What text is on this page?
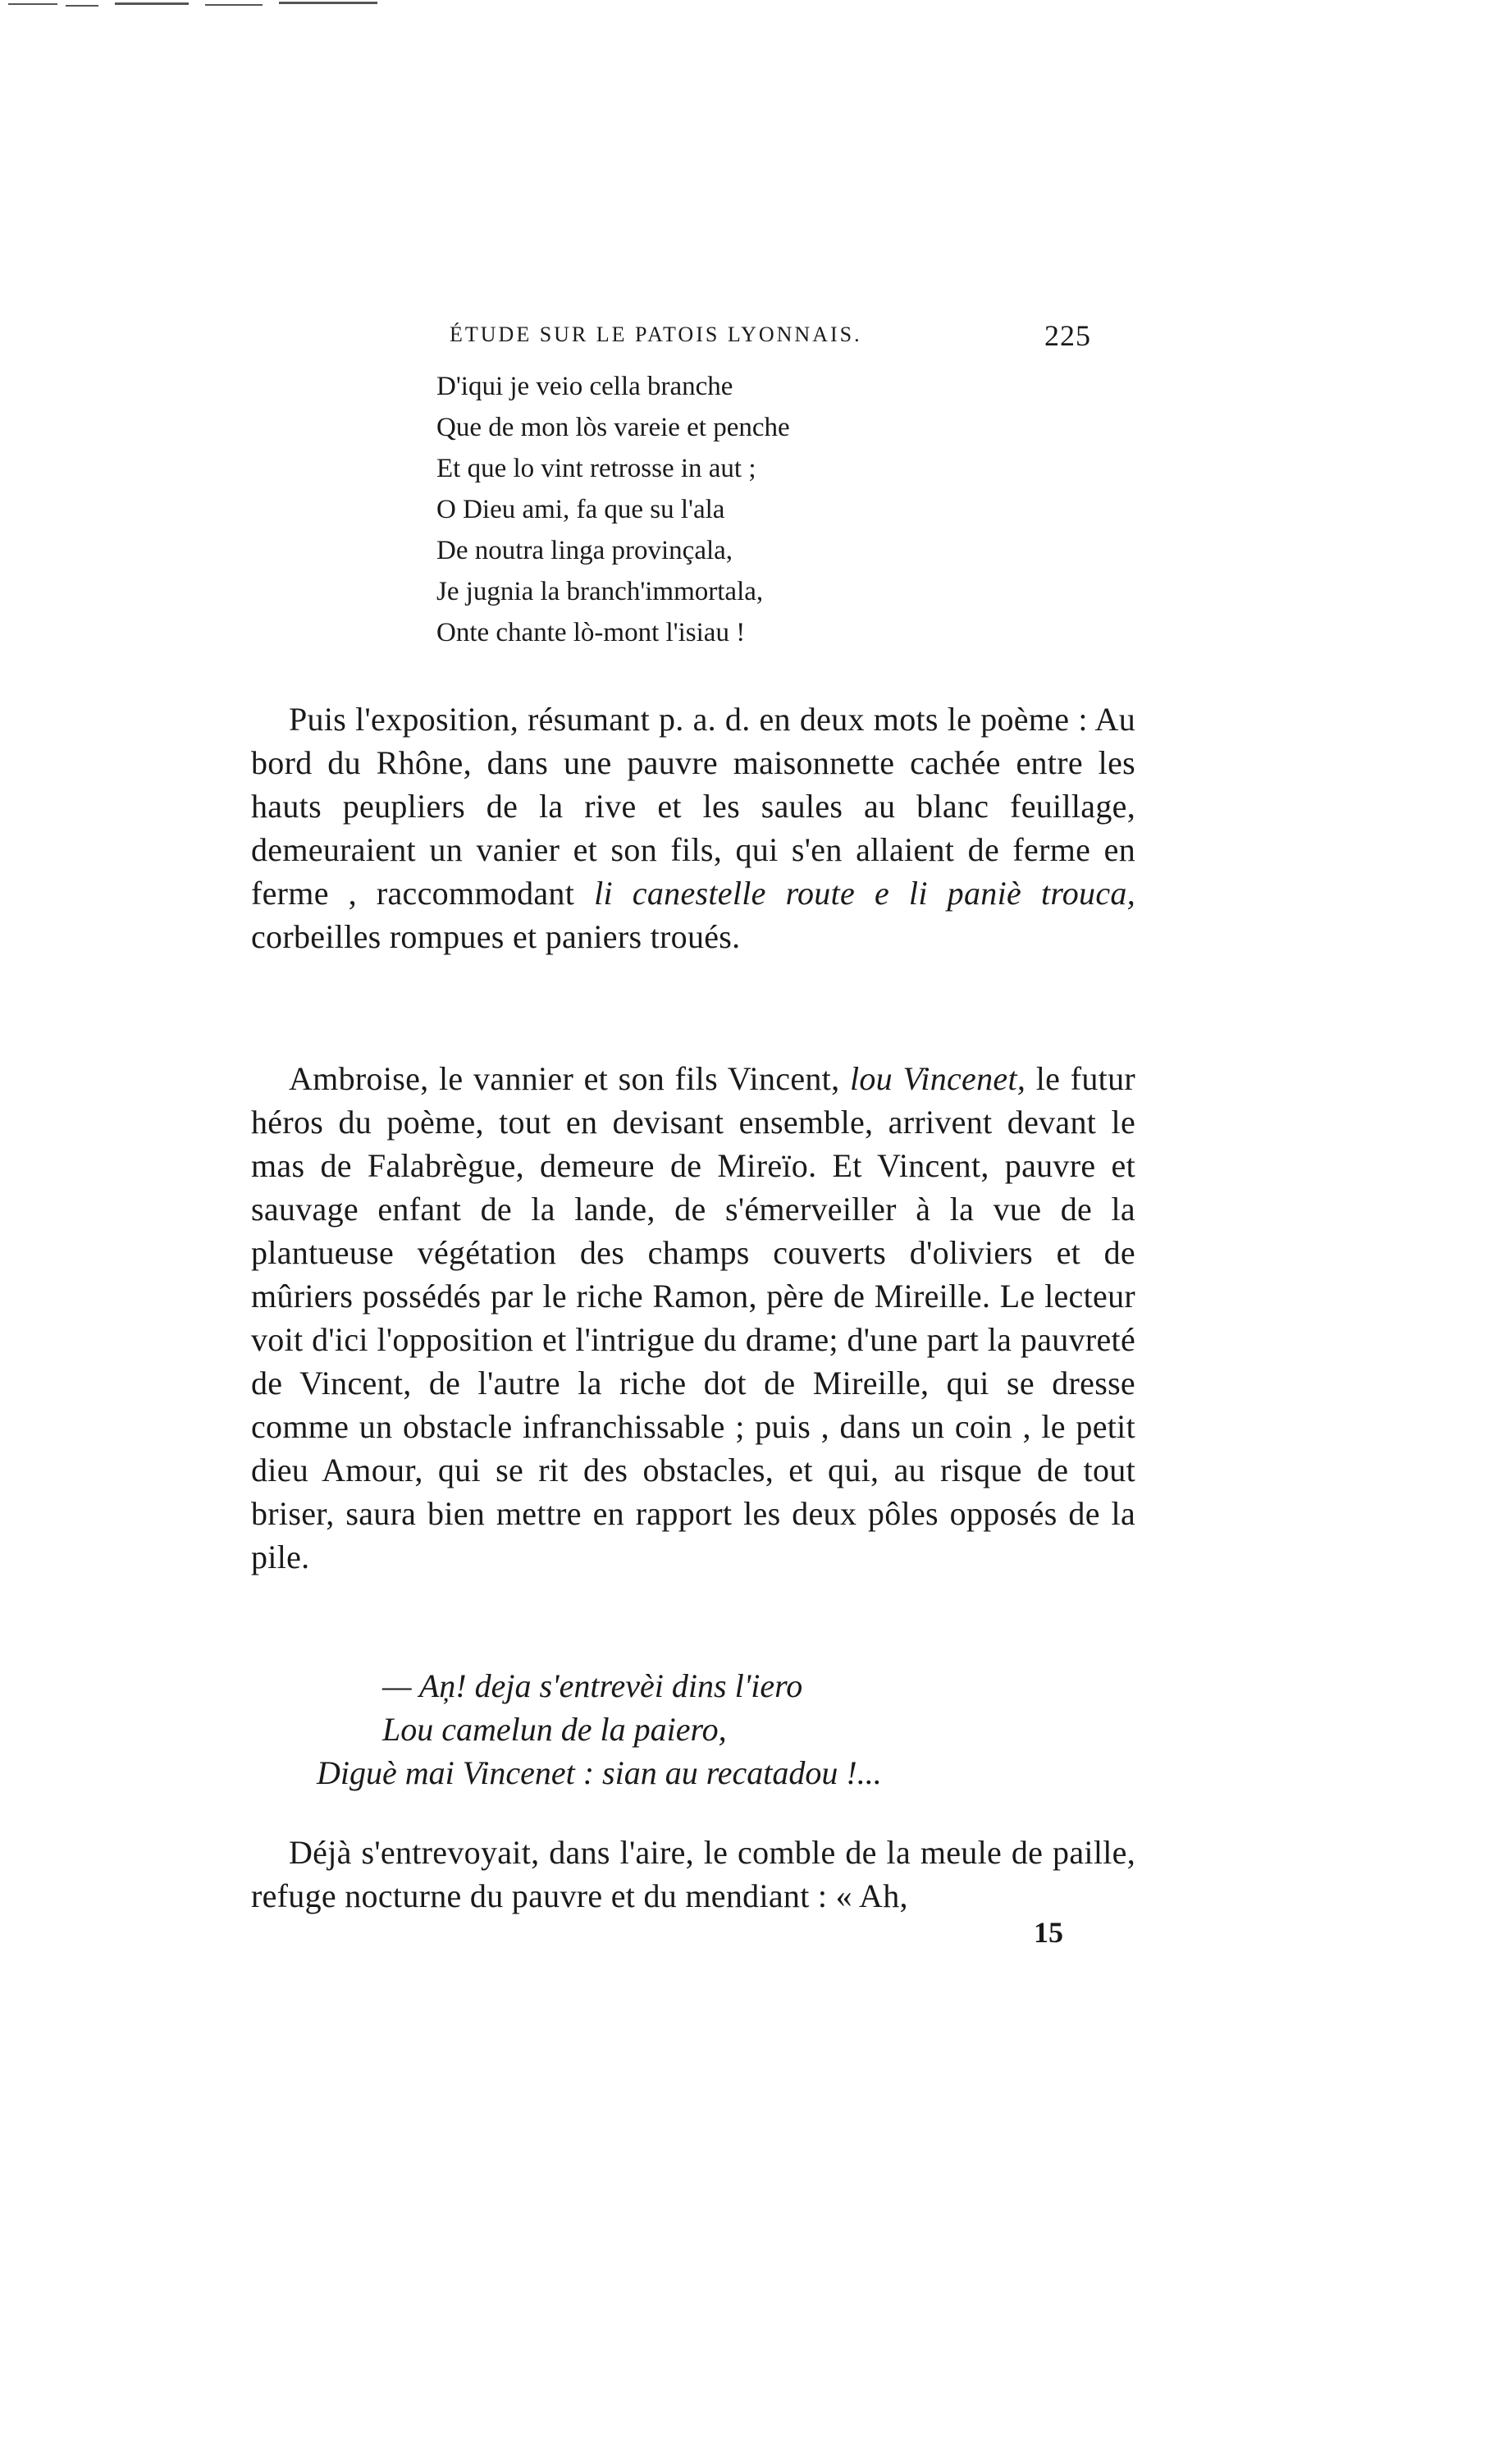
ÉTUDE SUR LE PATOIS LYONNAIS.	225
D'iqui je veio cella branche
Que de mon lòs vareie et penche
Et que lo vint retrosse in aut ;
O Dieu ami, fa que su l'ala
De noutra linga provinçala,
Je jugnia la branch'immortala,
Onte chante lò-mont l'isiau !
Puis l'exposition, résumant p. a. d. en deux mots le poème : Au bord du Rhône, dans une pauvre maisonnette cachée entre les hauts peupliers de la rive et les saules au blanc feuillage, demeuraient un vanier et son fils, qui s'en allaient de ferme en ferme , raccommodant li canestelle route e li paniè trouca, corbeilles rompues et paniers troués.
Ambroise, le vannier et son fils Vincent, lou Vincenet, le futur héros du poème, tout en devisant ensemble, arrivent devant le mas de Falabrègue, demeure de Mireïo. Et Vincent, pauvre et sauvage enfant de la lande, de s'émerveiller à la vue de la plantueuse végétation des champs couverts d'oliviers et de mûriers possédés par le riche Ramon, père de Mireille. Le lecteur voit d'ici l'opposition et l'intrigue du drame; d'une part la pauvreté de Vincent, de l'autre la riche dot de Mireille, qui se dresse comme un obstacle infranchissable ; puis , dans un coin , le petit dieu Amour, qui se rit des obstacles, et qui, au risque de tout briser, saura bien mettre en rapport les deux pôles opposés de la pile.
— Aņ! deja s'entrevèi dins l'iero
Lou camelun de la paiero,
Diguè mai Vincenet : sian au recatadou !...
Déjà s'entrevoyait, dans l'aire, le comble de la meule de paille, refuge nocturne du pauvre et du mendiant : « Ah,
15
